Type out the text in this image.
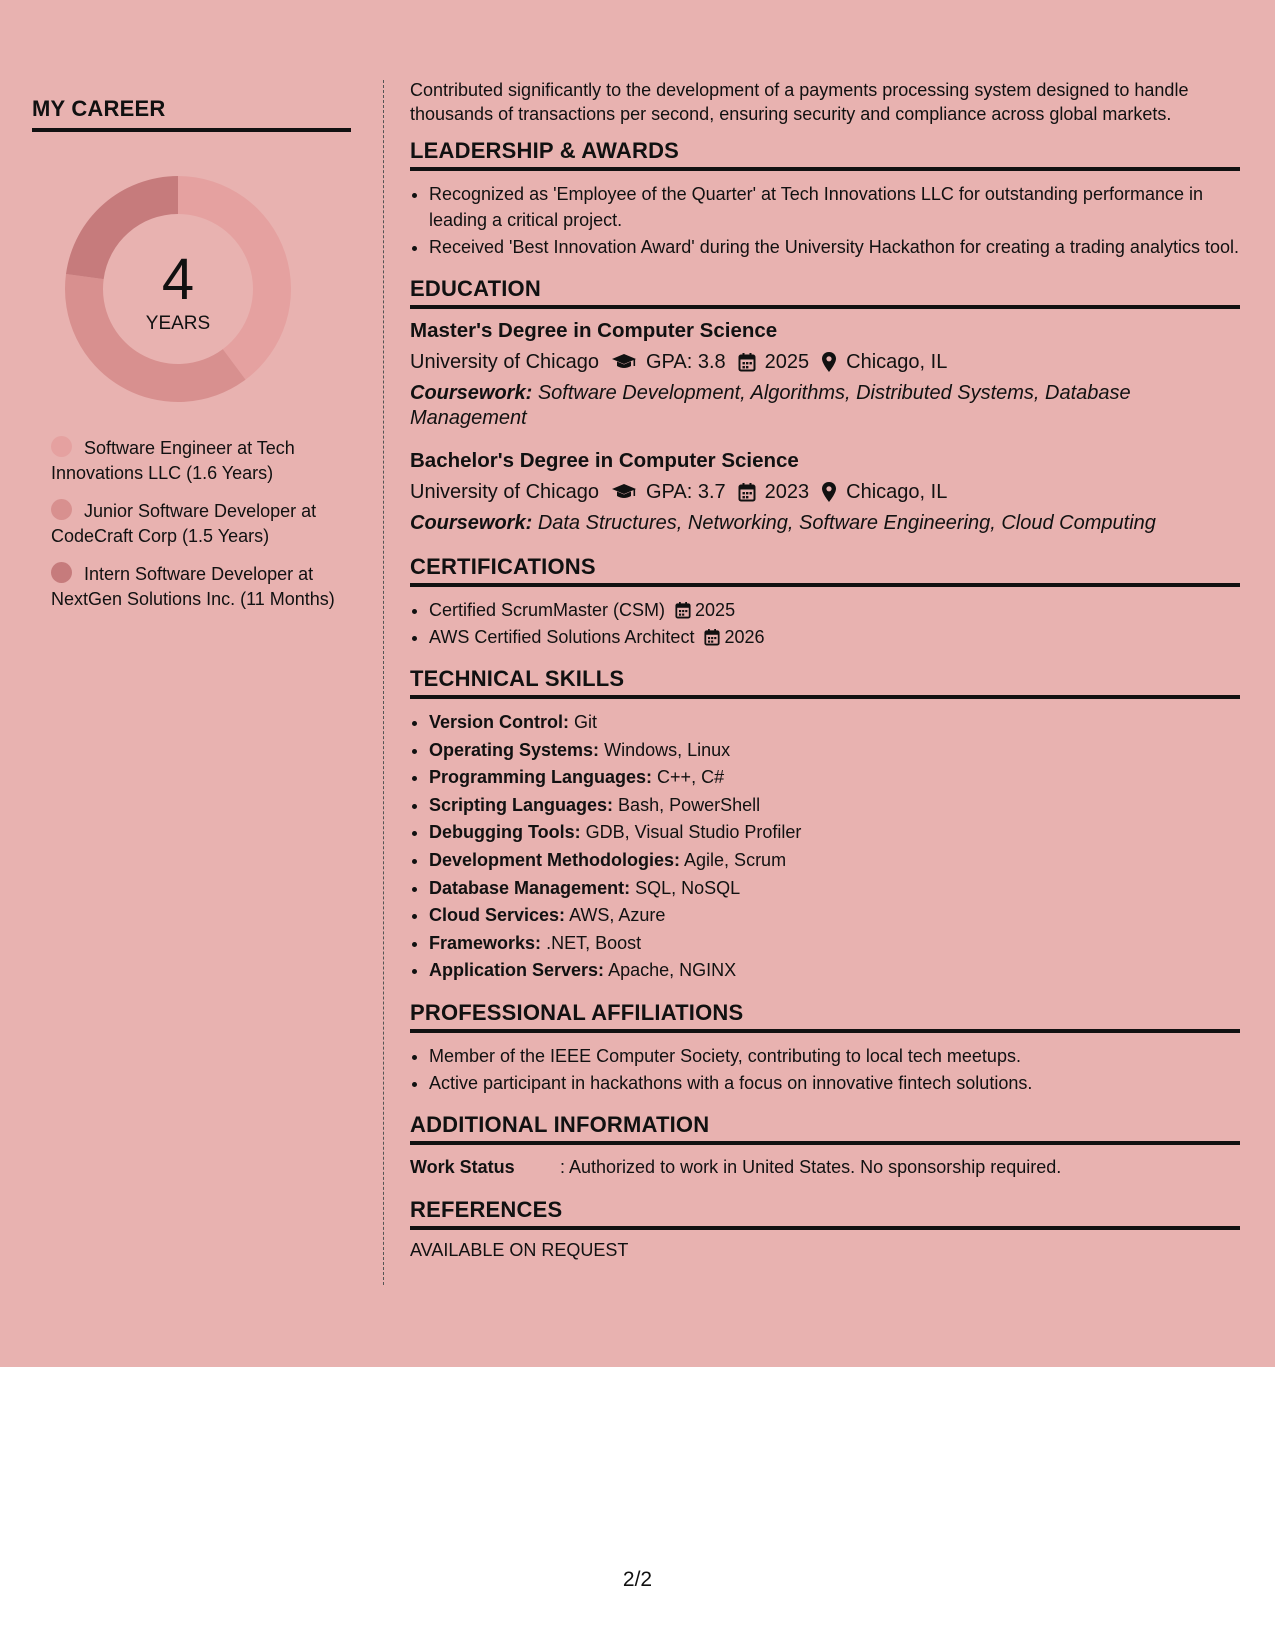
MY CAREER
4
YEARS
Software Engineer at Tech Innovations LLC (1.6 Years)
Junior Software Developer at CodeCraft Corp (1.5 Years)
Intern Software Developer at NextGen Solutions Inc. (11 Months)

Contributed significantly to the development of a payments processing system designed to handle thousands of transactions per second, ensuring security and compliance across global markets.

LEADERSHIP & AWARDS
• Recognized as 'Employee of the Quarter' at Tech Innovations LLC for outstanding performance in leading a critical project.
• Received 'Best Innovation Award' during the University Hackathon for creating a trading analytics tool.
EDUCATION
Master's Degree in Computer Science
University of Chicago GPA: 3.8 2025 Chicago, IL
Coursework: Software Development, Algorithms, Distributed Systems, Database Management
Bachelor's Degree in Computer Science
University of Chicago GPA: 3.7 2023 Chicago, IL
Coursework: Data Structures, Networking, Software Engineering, Cloud Computing
CERTIFICATIONS
• Certified ScrumMaster (CSM) 2025
• AWS Certified Solutions Architect 2026
TECHNICAL SKILLS
• Version Control: Git
• Operating Systems: Windows, Linux
• Programming Languages: C++, C#
• Scripting Languages: Bash, PowerShell
• Debugging Tools: GDB, Visual Studio Profiler
• Development Methodologies: Agile, Scrum
• Database Management: SQL, NoSQL
• Cloud Services: AWS, Azure
• Frameworks: .NET, Boost
• Application Servers: Apache, NGINX
PROFESSIONAL AFFILIATIONS
• Member of the IEEE Computer Society, contributing to local tech meetups.
• Active participant in hackathons with a focus on innovative fintech solutions.
ADDITIONAL INFORMATION
Work Status	: Authorized to work in United States. No sponsorship required.
REFERENCES
AVAILABLE ON REQUEST
2/2
